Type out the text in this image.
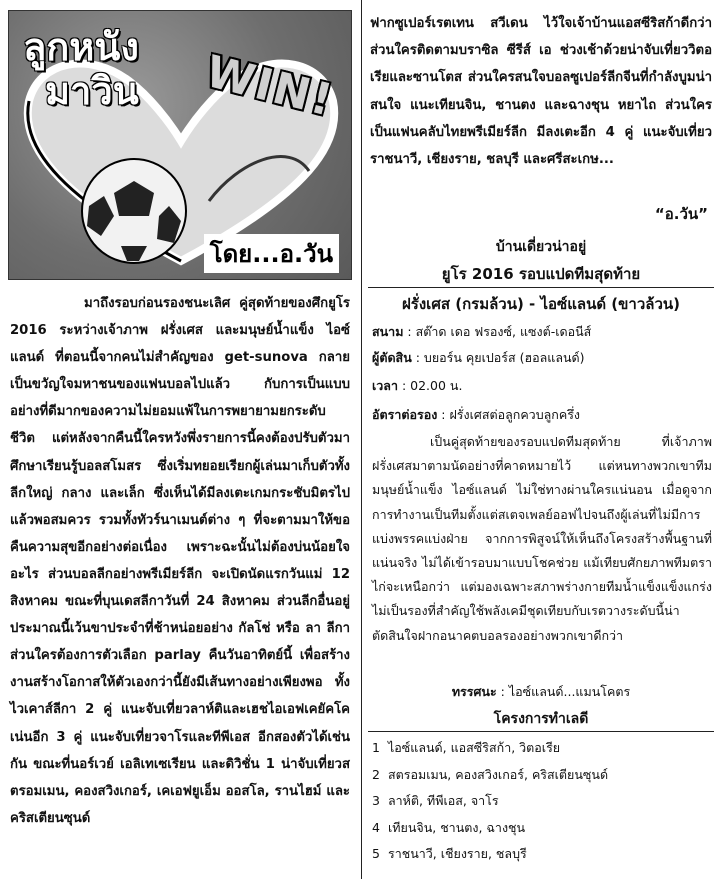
ลูกหนัง
มาวิน WIN!
โดย...อ.วัน

มาถึงรอบก่อนรองชนะเลิศ คู่สุดท้ายของศึกยูโร 2016 ระหว่างเจ้าภาพ ฝรั่งเศส และมนุษย์น้ำแข็ง ไอซ์แลนด์ ที่ตอนนี้จากคนไม่สำคัญของ get-sunova กลายเป็นขวัญใจมหาชนของแฟนบอลไปแล้ว กับการเป็นแบบอย่างที่ดีมากของความไม่ยอมแพ้ในการพยายามยกระดับชีวิต แต่หลังจากคืนนี้ใครหวังพึ่งรายการนี้คงต้องปรับตัวมาศึกษาเรียนรู้บอลสโมสร ซึ่งเริ่มทยอยเรียกผู้เล่นมาเก็บตัวทั้งลีกใหญ่ กลาง และเล็ก ซึ่งเห็นได้มีลงเตะเกมกระชับมิตรไปแล้วพอสมควร รวมทั้งทัวร์นาเมนต์ต่าง ๆ ที่จะตามมาให้ขอคืนความสุขอีกอย่างต่อเนื่อง เพราะฉะนั้นไม่ต้องบ่นน้อยใจอะไร ส่วนบอลลีกอย่างพรีเมียร์ลีก จะเปิดนัดแรกวันแม่ 12 สิงหาคม ขณะที่บุนเดสลีกาวันที่ 24 สิงหาคม ส่วนลีกอื่นอยู่ประมาณนี้เว้นขาประจำที่ช้าหน่อยอย่าง กัลโช่ หรือ ลา ลีกา ส่วนใครต้องการตัวเลือก parlay คืนวันอาทิตย์นี้ เพื่อสร้างงานสร้างโอกาสให้ตัวเองกว่านี้ยังมีเส้นทางอย่างเพียงพอ ทั้งไวเคาส์ลีกา 2 คู่ แนะจับเที่ยวลาห์ติและเฮชไอเอฟเคยัคโคเน่นอีก 3 คู่ แนะจับเที่ยวจาโรและทีพีเอส อีกสองตัวได้เช่นกัน ขณะที่นอร์เวย์ เอลิเทเซเรียน และดิวิชั่น 1 น่าจับเที่ยวสตรอมเมน, คองสวิงเกอร์, เคเอฟยูเอ็ม ออสโล, รานไฮม์ และคริสเตียนซุนด์

ฟากซูเปอร์เรตเทน สวีเดน ไว้ใจเจ้าบ้านแอสซีริสก้าดีกว่า ส่วนใครติดตามบราซิล ซีรีส์ เอ ช่วงเช้าด้วยน่าจับเที่ยววิตอเรียและซานโตส ส่วนใครสนใจบอลซูเปอร์ลีกจีนที่กำลังบูมน่าสนใจ แนะเทียนจิน, ชานตง และฉางชุน หยาไถ ส่วนใครเป็นแฟนคลับไทยพรีเมียร์ลีก มีลงเตะอีก 4 คู่ แนะจับเที่ยวราชนาวี, เชียงราย, ชลบุรี และศรีสะเกษ...

“อ.วัน”
บ้านเดี่ยวน่าอยู่
ยูโร 2016 รอบแปดทีมสุดท้าย
ฝรั่งเศส (กรมล้วน) - ไอซ์แลนด์ (ขาวล้วน)
สนาม : สต๊าด เดอ ฟรองซ์, แซงต์-เดอนีส์
ผู้ตัดสิน : บยอร์น คุยเปอร์ส (ฮอลแลนด์)
เวลา : 02.00 น.
อัตราต่อรอง : ฝรั่งเศสต่อลูกควบลูกครึ่ง

เป็นคู่สุดท้ายของรอบแปดทีมสุดท้าย ที่เจ้าภาพฝรั่งเศสมาตามนัดอย่างที่คาดหมายไว้ แต่หนทางพวกเขาทีมมนุษย์น้ำแข็ง ไอซ์แลนด์ ไม่ใช่ทางผ่านใครแน่นอน เมื่อดูจากการทำงานเป็นทีมตั้งแต่สเตจเพลย์ออฟไปจนถึงผู้เล่นที่ไม่มีการแบ่งพรรคแบ่งฝ่าย จากการพิสูจน์ให้เห็นถึงโครงสร้างพื้นฐานที่แน่นจริง ไม่ได้เข้ารอบมาแบบโชคช่วย แม้เทียบศักยภาพทีมตราไก่จะเหนือกว่า แต่มองเฉพาะสภาพร่างกายทีมน้ำแข็งแข็งแกร่งไม่เป็นรองที่สำคัญใช้พลังเคมีชุดเทียบกับเรตวางระดับนี้น่าตัดสินใจฝากอนาคตบอลรองอย่างพวกเขาดีกว่า

ทรรศนะ : ไอซ์แลนด์...แมนโคตร
โครงการทำเลดี
1 ไอซ์แลนด์, แอสซีริสก้า, วิตอเรีย
2 สตรอมเมน, คองสวิงเกอร์, คริสเตียนซุนด์
3 ลาห์ติ, ทีพีเอส, จาโร
4 เทียนจิน, ชานตง, ฉางชุน
5 ราชนาวี, เชียงราย, ชลบุรี
